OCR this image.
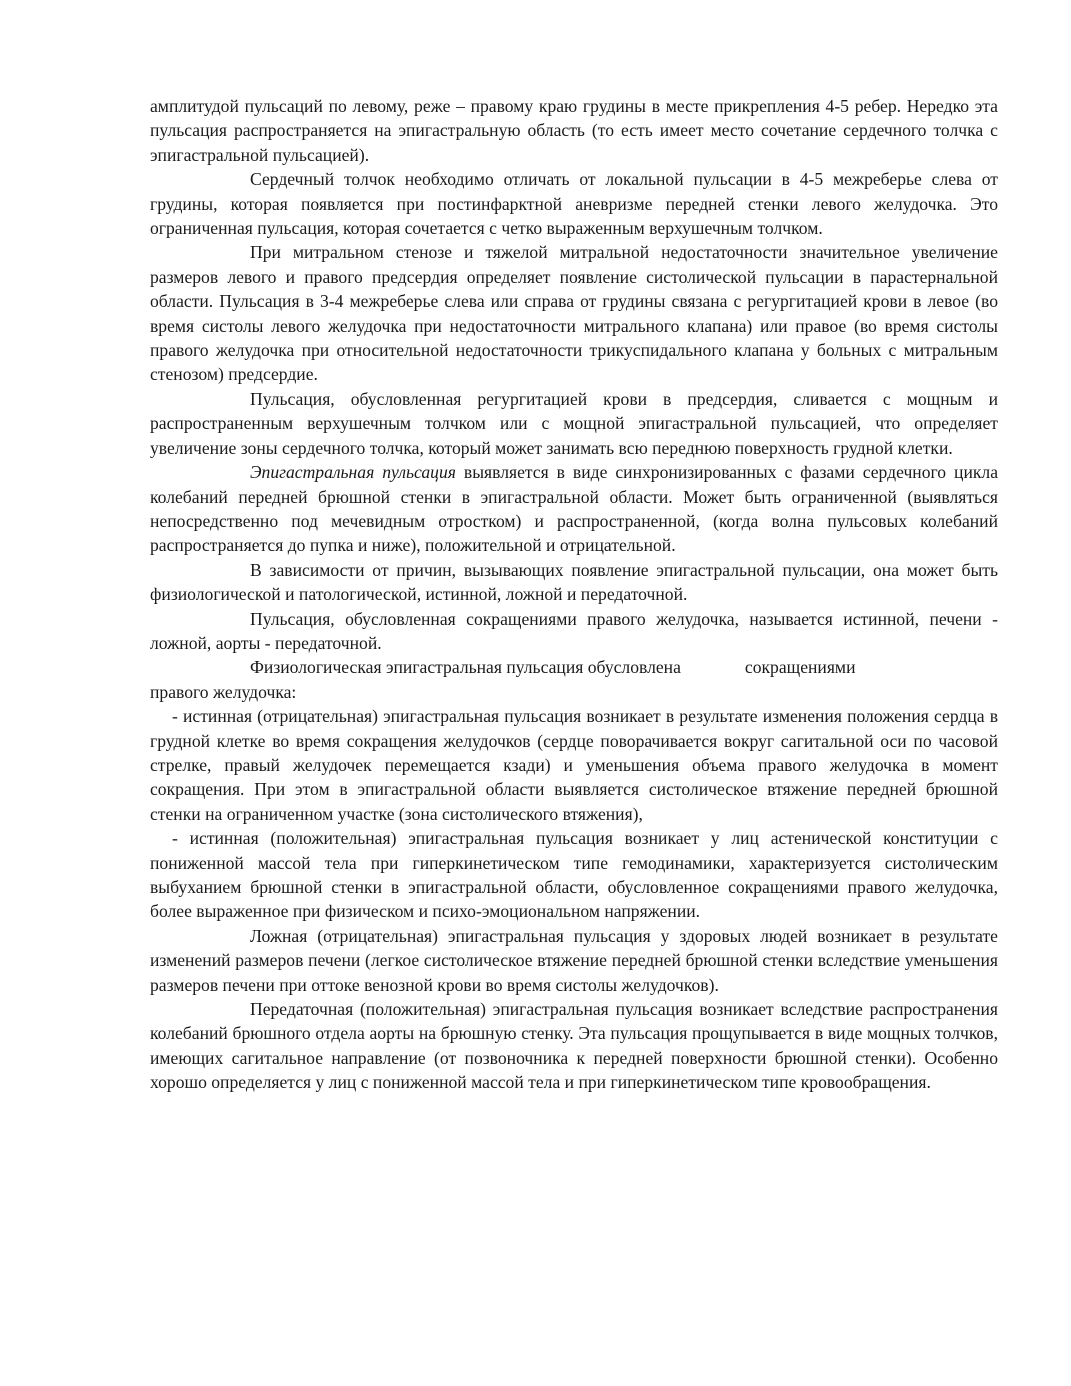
амплитудой пульсаций по левому, реже – правому краю грудины в месте прикрепления 4-5 ребер. Нередко эта пульсация распространяется на эпигастральную область (то есть имеет место сочетание сердечного толчка с эпигастральной пульсацией).

Сердечный толчок необходимо отличать от локальной пульсации в 4-5 межреберье слева от грудины, которая появляется при постинфарктной аневризме передней стенки левого желудочка. Это ограниченная пульсация, которая сочетается с четко выраженным верхушечным толчком.

При митральном стенозе и тяжелой митральной недостаточности значительное увеличение размеров левого и правого предсердия определяет появление систолической пульсации в парастернальной области. Пульсация в 3-4 межреберье слева или справа от грудины связана с регургитацией крови в левое (во время систолы левого желудочка при недостаточности митрального клапана) или правое (во время систолы правого желудочка при относительной недостаточности трикуспидального клапана у больных с митральным стенозом) предсердие.

Пульсация, обусловленная регургитацией крови в предсердия, сливается с мощным и распространенным верхушечным толчком или с мощной эпигастральной пульсацией, что определяет увеличение зоны сердечного толчка, который может занимать всю переднюю поверхность грудной клетки.

Эпигастральная пульсация выявляется в виде синхронизированных с фазами сердечного цикла колебаний передней брюшной стенки в эпигастральной области. Может быть ограниченной (выявляться непосредственно под мечевидным отростком) и распространенной, (когда волна пульсовых колебаний распространяется до пупка и ниже), положительной и отрицательной.

В зависимости от причин, вызывающих появление эпигастральной пульсации, она может быть физиологической и патологической, истинной, ложной и передаточной.

Пульсация, обусловленная сокращениями правого желудочка, называется истинной, печени - ложной, аорты - передаточной.

Физиологическая эпигастральная пульсация обусловлена	сокращениями
правого желудочка:

- истинная (отрицательная) эпигастральная пульсация возникает в результате изменения положения сердца в грудной клетке во время сокращения желудочков (сердце поворачивается вокруг сагитальной оси по часовой стрелке, правый желудочек перемещается кзади) и уменьшения объема правого желудочка в момент сокращения. При этом в эпигастральной области выявляется систолическое втяжение передней брюшной стенки на ограниченном участке (зона систолического втяжения),

- истинная (положительная) эпигастральная пульсация возникает у лиц астенической конституции с пониженной массой тела при гиперкинетическом типе гемодинамики, характеризуется систолическим выбуханием брюшной стенки в эпигастральной области, обусловленное сокращениями правого желудочка, более выраженное при физическом и психо-эмоциональном напряжении.

Ложная (отрицательная) эпигастральная пульсация у здоровых людей возникает в результате изменений размеров печени (легкое систолическое втяжение передней брюшной стенки вследствие уменьшения размеров печени при оттоке венозной крови во время систолы желудочков).

Передаточная (положительная) эпигастральная пульсация возникает вследствие распространения колебаний брюшного отдела аорты на брюшную стенку. Эта пульсация прощупывается в виде мощных толчков, имеющих сагитальное направление (от позвоночника к передней поверхности брюшной стенки). Особенно хорошо определяется у лиц с пониженной массой тела и при гиперкинетическом типе кровообращения.
